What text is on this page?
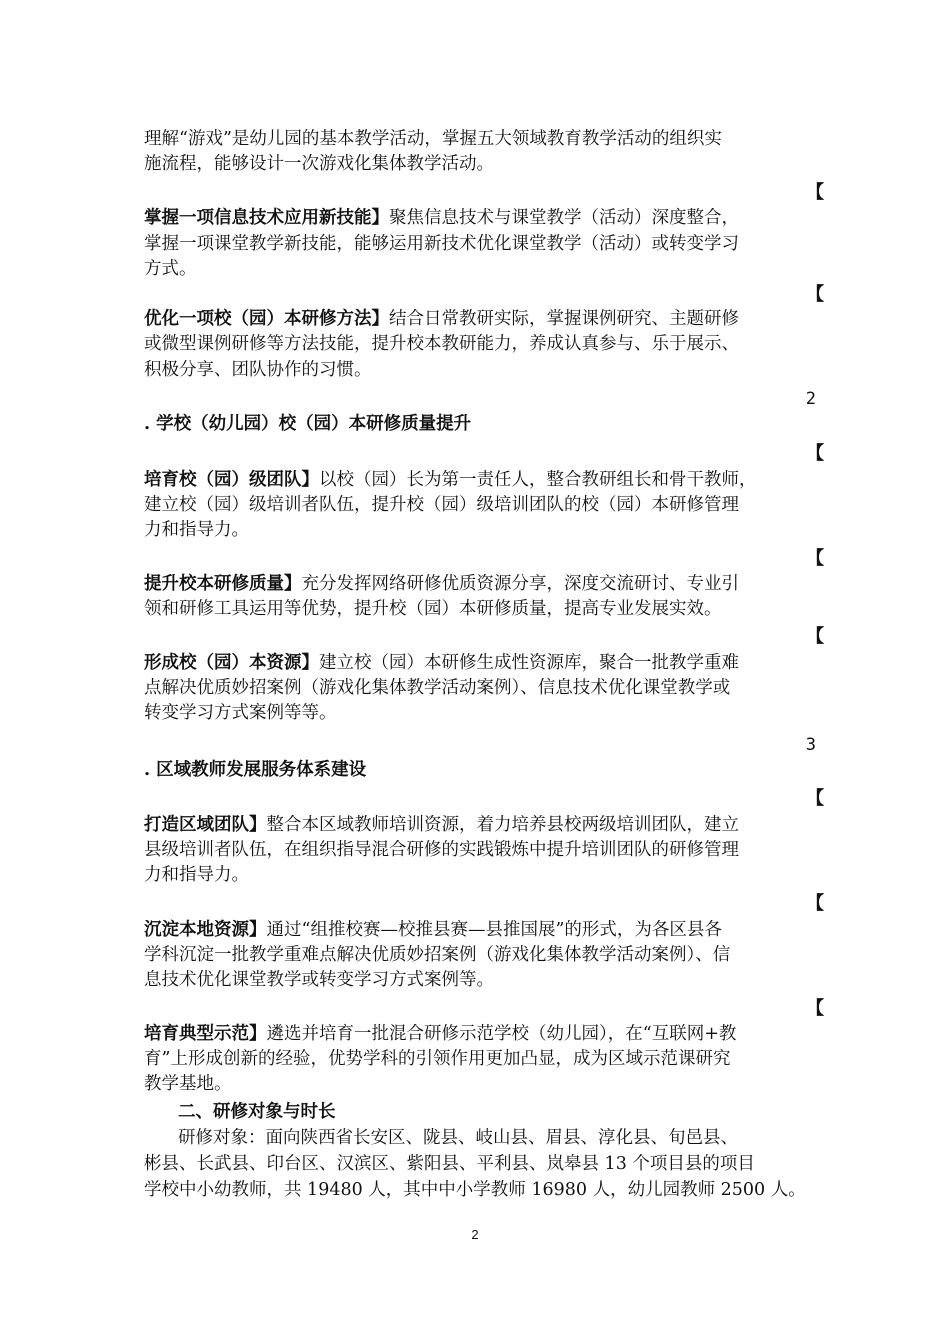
理解“游戏”是幼儿园的基本教学活动，掌握五大领域教育教学活动的组织实
施流程，能够设计一次游戏化集体教学活动。
【
掌握一项信息技术应用新技能】聚焦信息技术与课堂教学（活动）深度整合，
掌握一项课堂教学新技能，能够运用新技术优化课堂教学（活动）或转变学习
方式。
【
优化一项校（园）本研修方法】结合日常教研实际，掌握课例研究、主题研修
或微型课例研修等方法技能，提升校本教研能力，养成认真参与、乐于展示、
积极分享、团队协作的习惯。
2
. 学校（幼儿园）校（园）本研修质量提升
【
培育校（园）级团队】以校（园）长为第一责任人，整合教研组长和骨干教师，
建立校（园）级培训者队伍，提升校（园）级培训团队的校（园）本研修管理
力和指导力。
【
提升校本研修质量】充分发挥网络研修优质资源分享，深度交流研讨、专业引
领和研修工具运用等优势，提升校（园）本研修质量，提高专业发展实效。
【
形成校（园）本资源】建立校（园）本研修生成性资源库，聚合一批教学重难
点解决优质妙招案例（游戏化集体教学活动案例）、信息技术优化课堂教学或
转变学习方式案例等等。
3
. 区域教师发展服务体系建设
【
打造区域团队】整合本区域教师培训资源，着力培养县校两级培训团队，建立
县级培训者队伍，在组织指导混合研修的实践锻炼中提升培训团队的研修管理
力和指导力。
【
沉淀本地资源】通过“组推校赛—校推县赛—县推国展”的形式，为各区县各
学科沉淀一批教学重难点解决优质妙招案例（游戏化集体教学活动案例）、信
息技术优化课堂教学或转变学习方式案例等。
【
培育典型示范】遴选并培育一批混合研修示范学校（幼儿园），在“互联网+教
育”上形成创新的经验，优势学科的引领作用更加凸显，成为区域示范课研究
教学基地。
二、研修对象与时长
研修对象：面向陕西省长安区、陇县、岐山县、眉县、淳化县、旬邑县、
彬县、长武县、印台区、汉滨区、紫阳县、平利县、岚皋县 13 个项目县的项目
学校中小幼教师，共 19480 人，其中中小学教师 16980 人，幼儿园教师 2500 人。
2
